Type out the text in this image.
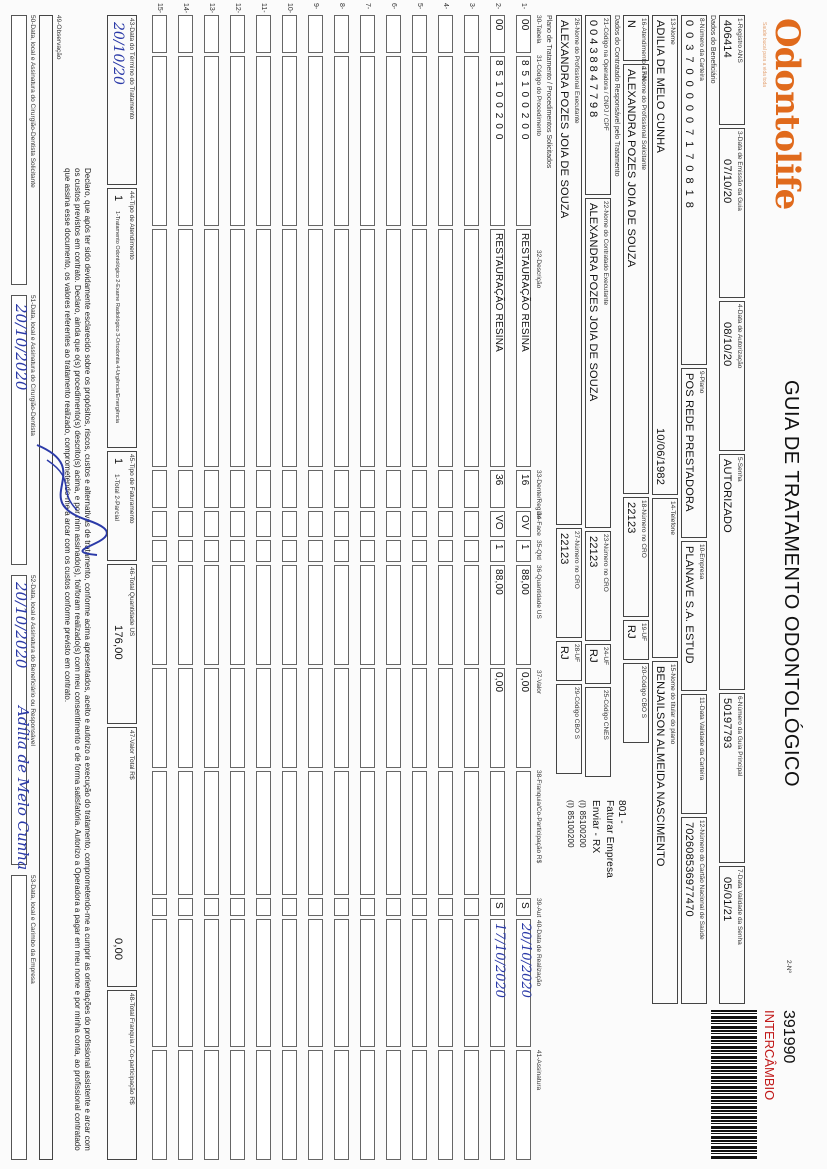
Odontolife
Saúde bucal para a vida toda
GUIA DE TRATAMENTO ODONTOLÓGICO
2-Nº
391990
INTERCÂMBIO
1-Registro ANS
406414
3-Data de Emissão da Guia
07/10/20
4-Data de Autorização
08/10/20
5-Senha
AUTORIZADO
6-Número da Guia Principal
50197793
7-Data Validade da Senha
05/01/21
Dados do Beneficiário
8-Número da Carteira
0037000007170818
9-Plano
POS REDE PRESTADORA
10-Empresa
PLANAVE S.A. ESTUD
11-Data Validade da Carteira
12-Número do Cartão Nacional de Saúde
702608536977470
13-Nome
ADILIA DE MELO CUNHA
10/06/1982
14-Telefone
15-Nome do titular do plano
BENJAILSON ALMEIDA NASCIMENTO
16-Atendimento a RN
N
Dados do Contratado Responsável pelo Tratamento	17-Nome do Profissional Solicitante
ALEXANDRA POZES JOIA DE SOUZA
18-Número no CRO
22123
19-UF
RJ
20-Código CBO S
21-Código na Operadora / CNPJ / CPF
00438847798
22-Nome do Contratado Executante
ALEXANDRA POZES JOIA DE SOUZA
23-Número no CRO
22123
24-UF
RJ
25-Código CNES
26-Nome do Profissional Executante
ALEXANDRA POZES JOIA DE SOUZA
27-Número no CRO
22123
28-UF
RJ
29-Código CBO S
801 -
Faturar Empresa
Enviar - RX
(I) 85100200
(I) 85100200
Plano de Tratamento / Procedimentos Solicitados
30-Tabela
31-Código do Procedimento
32-Descrição
33-Dente/Região
34-Face
35-Qtd
36-Quantidade US
37-Valor
38-Franquia/Co-Participação R$
39-Aut
40-Data de Realização
41-Assinatura
1-
00
85100200
RESTAURAÇÃO RESINA
16
OV
1
88,00
0,00
S
20/10/2020
2-
00
85100200
RESTAURAÇÃO RESINA
36
VO
1
88,00
0,00
S
17/10/2020
3-
4-
5-
6-
7-
8-
9-
10-
11-
12-
13-
14-
15-
43-Data do Término do Tratamento
20/10/20
44-Tipo de Atendimento
1
1-Tratamento Odontológico 2-Exame Radiológico 3-Ortodontia 4-Urgência/Emergência
45-Tipo de Faturamento
1
1-Total 2-Parcial
46-Total Quantidade US
176,00
47-Valor Total R$
0,00
48-Total Franquia / Co-participação R$
Declaro, que após ter sido devidamente esclarecido sobre os propósitos, riscos, custos e alternativas de tratamento, conforme acima apresentados, aceito e autorizo a execução do tratamento, comprometendo-me a cumprir as orientações do profissional assistente e arcar com os custos previstos em contrato. Declaro, ainda que o(s) procedimento(s) descrito(s) acima, e por mim assinado(s), foi/foram realizado(s) com meu consentimento e de forma satisfatória. Autorizo a Operadora a pagar em meu nome e por minha conta, ao profissional contratado que assina esse documento, os valores referentes ao tratamento realizado, comprometendo-me a arcar com os custos conforme previsto em contrato.
49-Observação
50-Data, local e Assinatura do Cirurgião-Dentista Solicitante
51-Data, local e Assinatura do Cirurgião-Dentista
20/10/2020
52-Data, local e Assinatura do Beneficiário ou Responsável
20/10/2020
Adília de Melo Cunha
53-Data, local e Carimbo da Empresa
